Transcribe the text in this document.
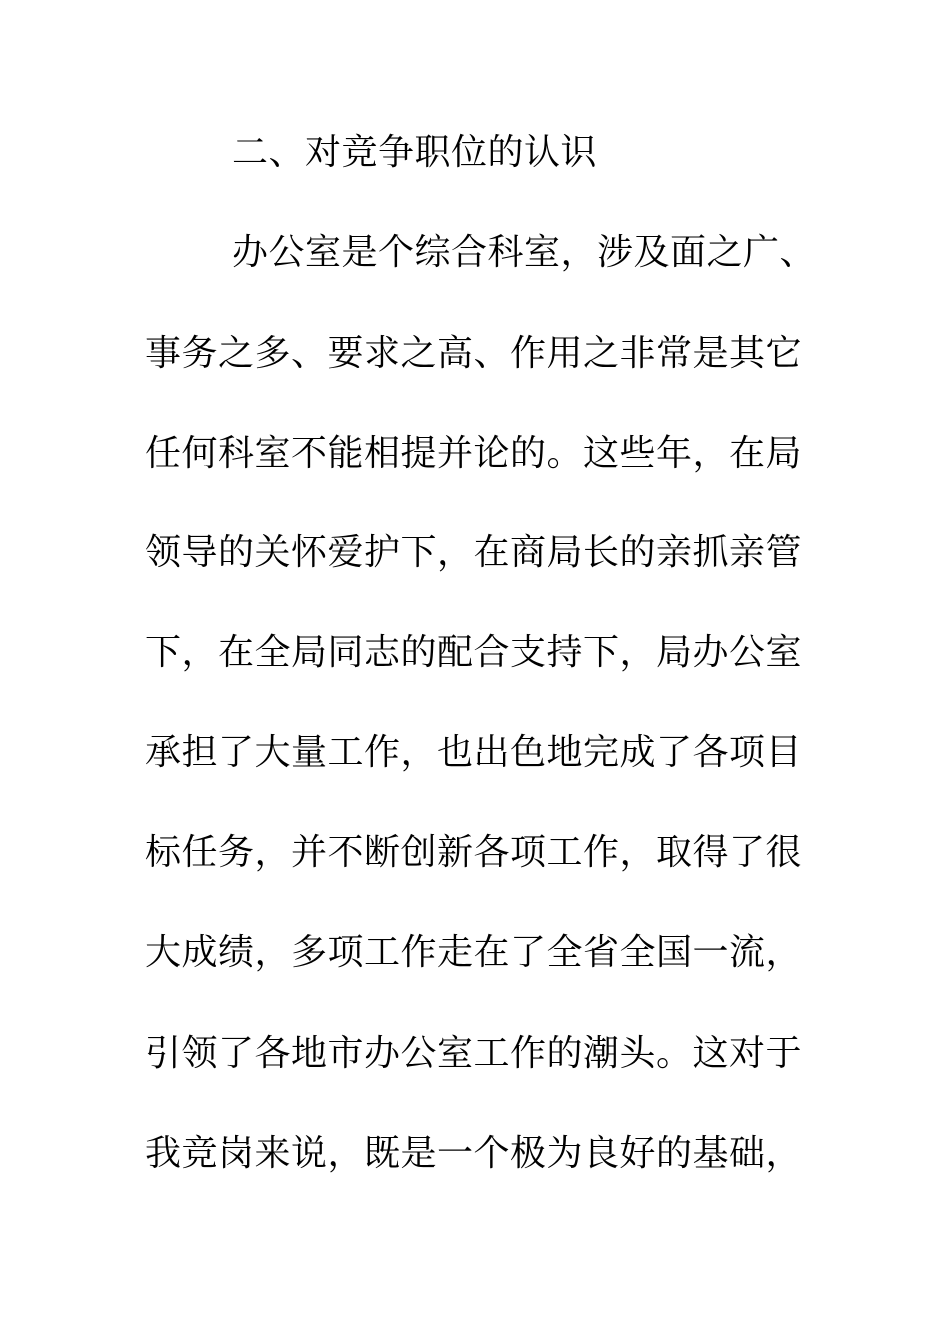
二、对竞争职位的认识
办公室是个综合科室，涉及面之广、
事务之多、要求之高、作用之非常是其它
任何科室不能相提并论的。这些年，在局
领导的关怀爱护下，在商局长的亲抓亲管
下，在全局同志的配合支持下，局办公室
承担了大量工作，也出色地完成了各项目
标任务，并不断创新各项工作，取得了很
大成绩，多项工作走在了全省全国一流，
引领了各地市办公室工作的潮头。这对于
我竞岗来说，既是一个极为良好的基础，
